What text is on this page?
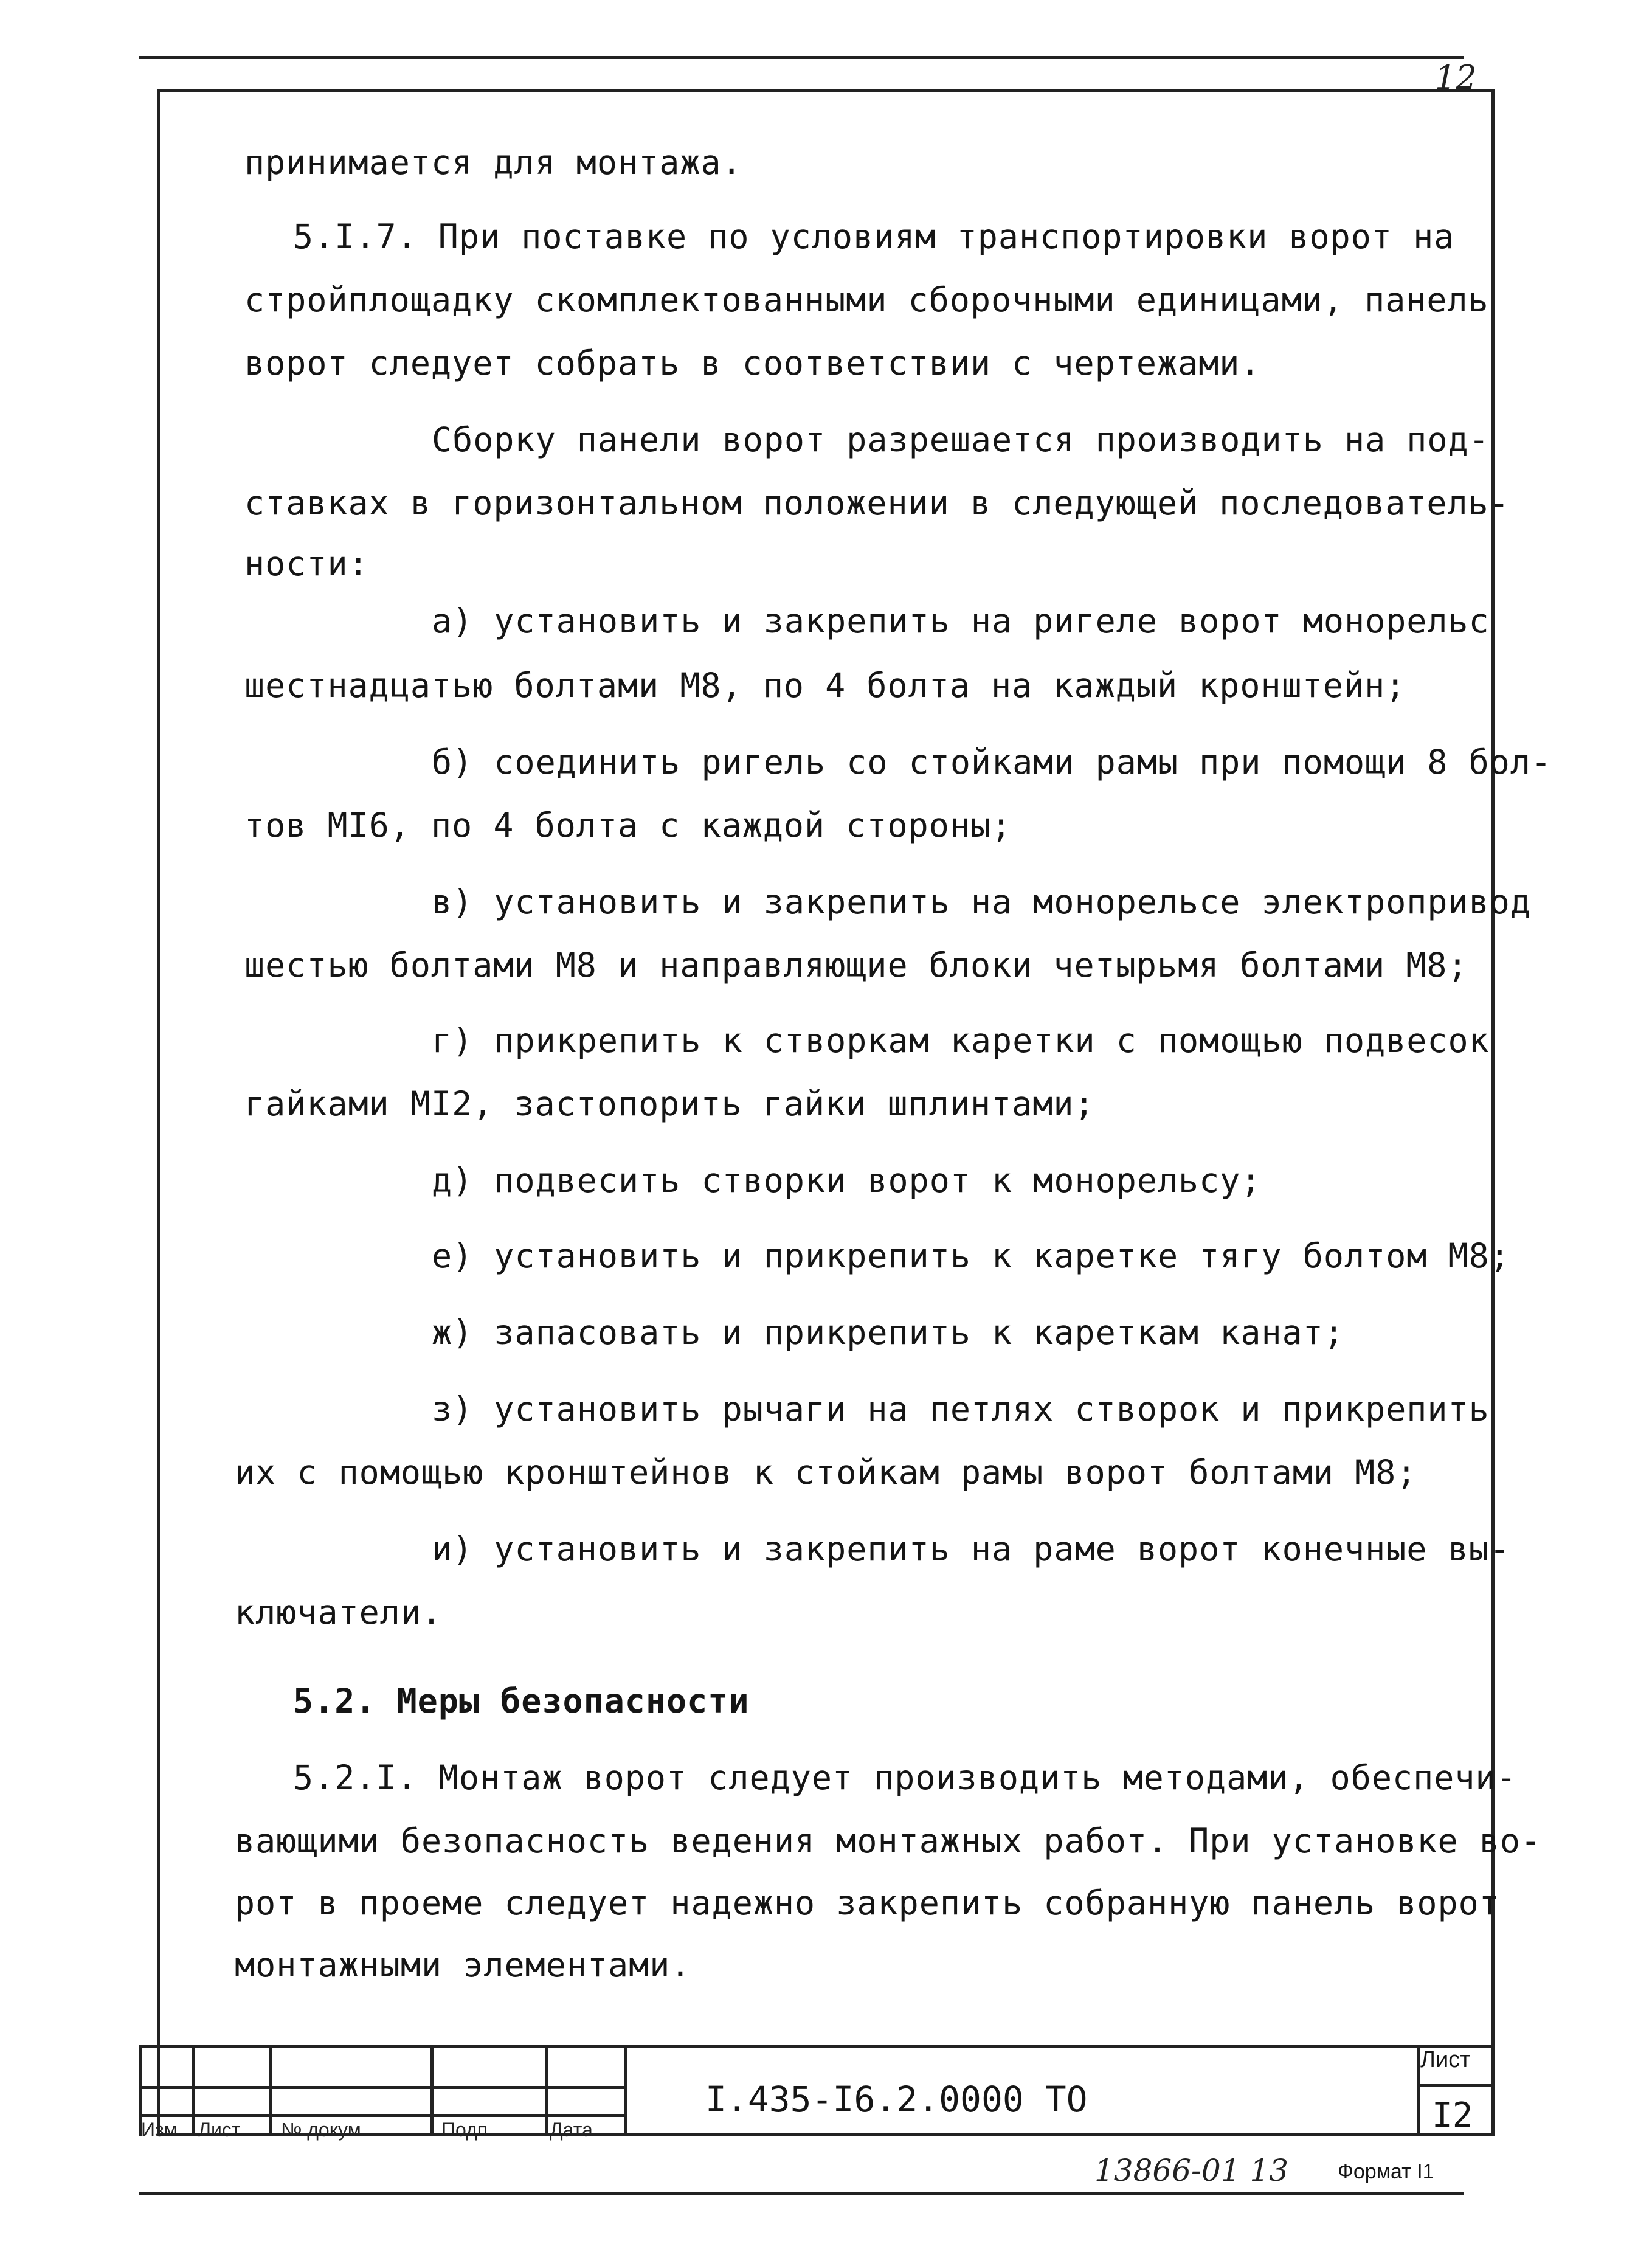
12
принимается для монтажа.
5.I.7. При поставке по условиям транспортировки ворот на
стройплощадку скомплектованными сборочными единицами, панель
ворот следует собрать в соответствии с чертежами.
Сборку панели ворот разрешается производить на под-
ставках в горизонтальном положении в следующей последователь-
ности:
а) установить и закрепить на ригеле ворот монорельс
шестнадцатью болтами М8, по 4 болта на каждый кронштейн;
б) соединить ригель со стойками рамы при помощи 8 бол-
тов МI6, по 4 болта с каждой стороны;
в) установить и закрепить на монорельсе электропривод
шестью болтами М8 и направляющие блоки четырьмя болтами М8;
г) прикрепить к створкам каретки с помощью подвесок
гайками МI2, застопорить гайки шплинтами;
д) подвесить створки ворот к монорельсу;
е) установить и прикрепить к каретке тягу болтом М8;
ж) запасовать и прикрепить к кареткам канат;
з) установить рычаги на петлях створок и прикрепить
их с помощью кронштейнов к стойкам рамы ворот болтами М8;
и) установить и закрепить на раме ворот конечные вы-
ключатели.
5.2. Меры безопасности
5.2.I. Монтаж ворот следует производить методами, обеспечи-
вающими безопасность ведения монтажных работ. При установке во-
рот в проеме следует надежно закрепить собранную панель ворот
монтажными элементами.
Изм Лист № докум.	Подп.	Дата
I.435-I6.2.0000 ТО
Лист
I2
13866-01 13 Формат I1
